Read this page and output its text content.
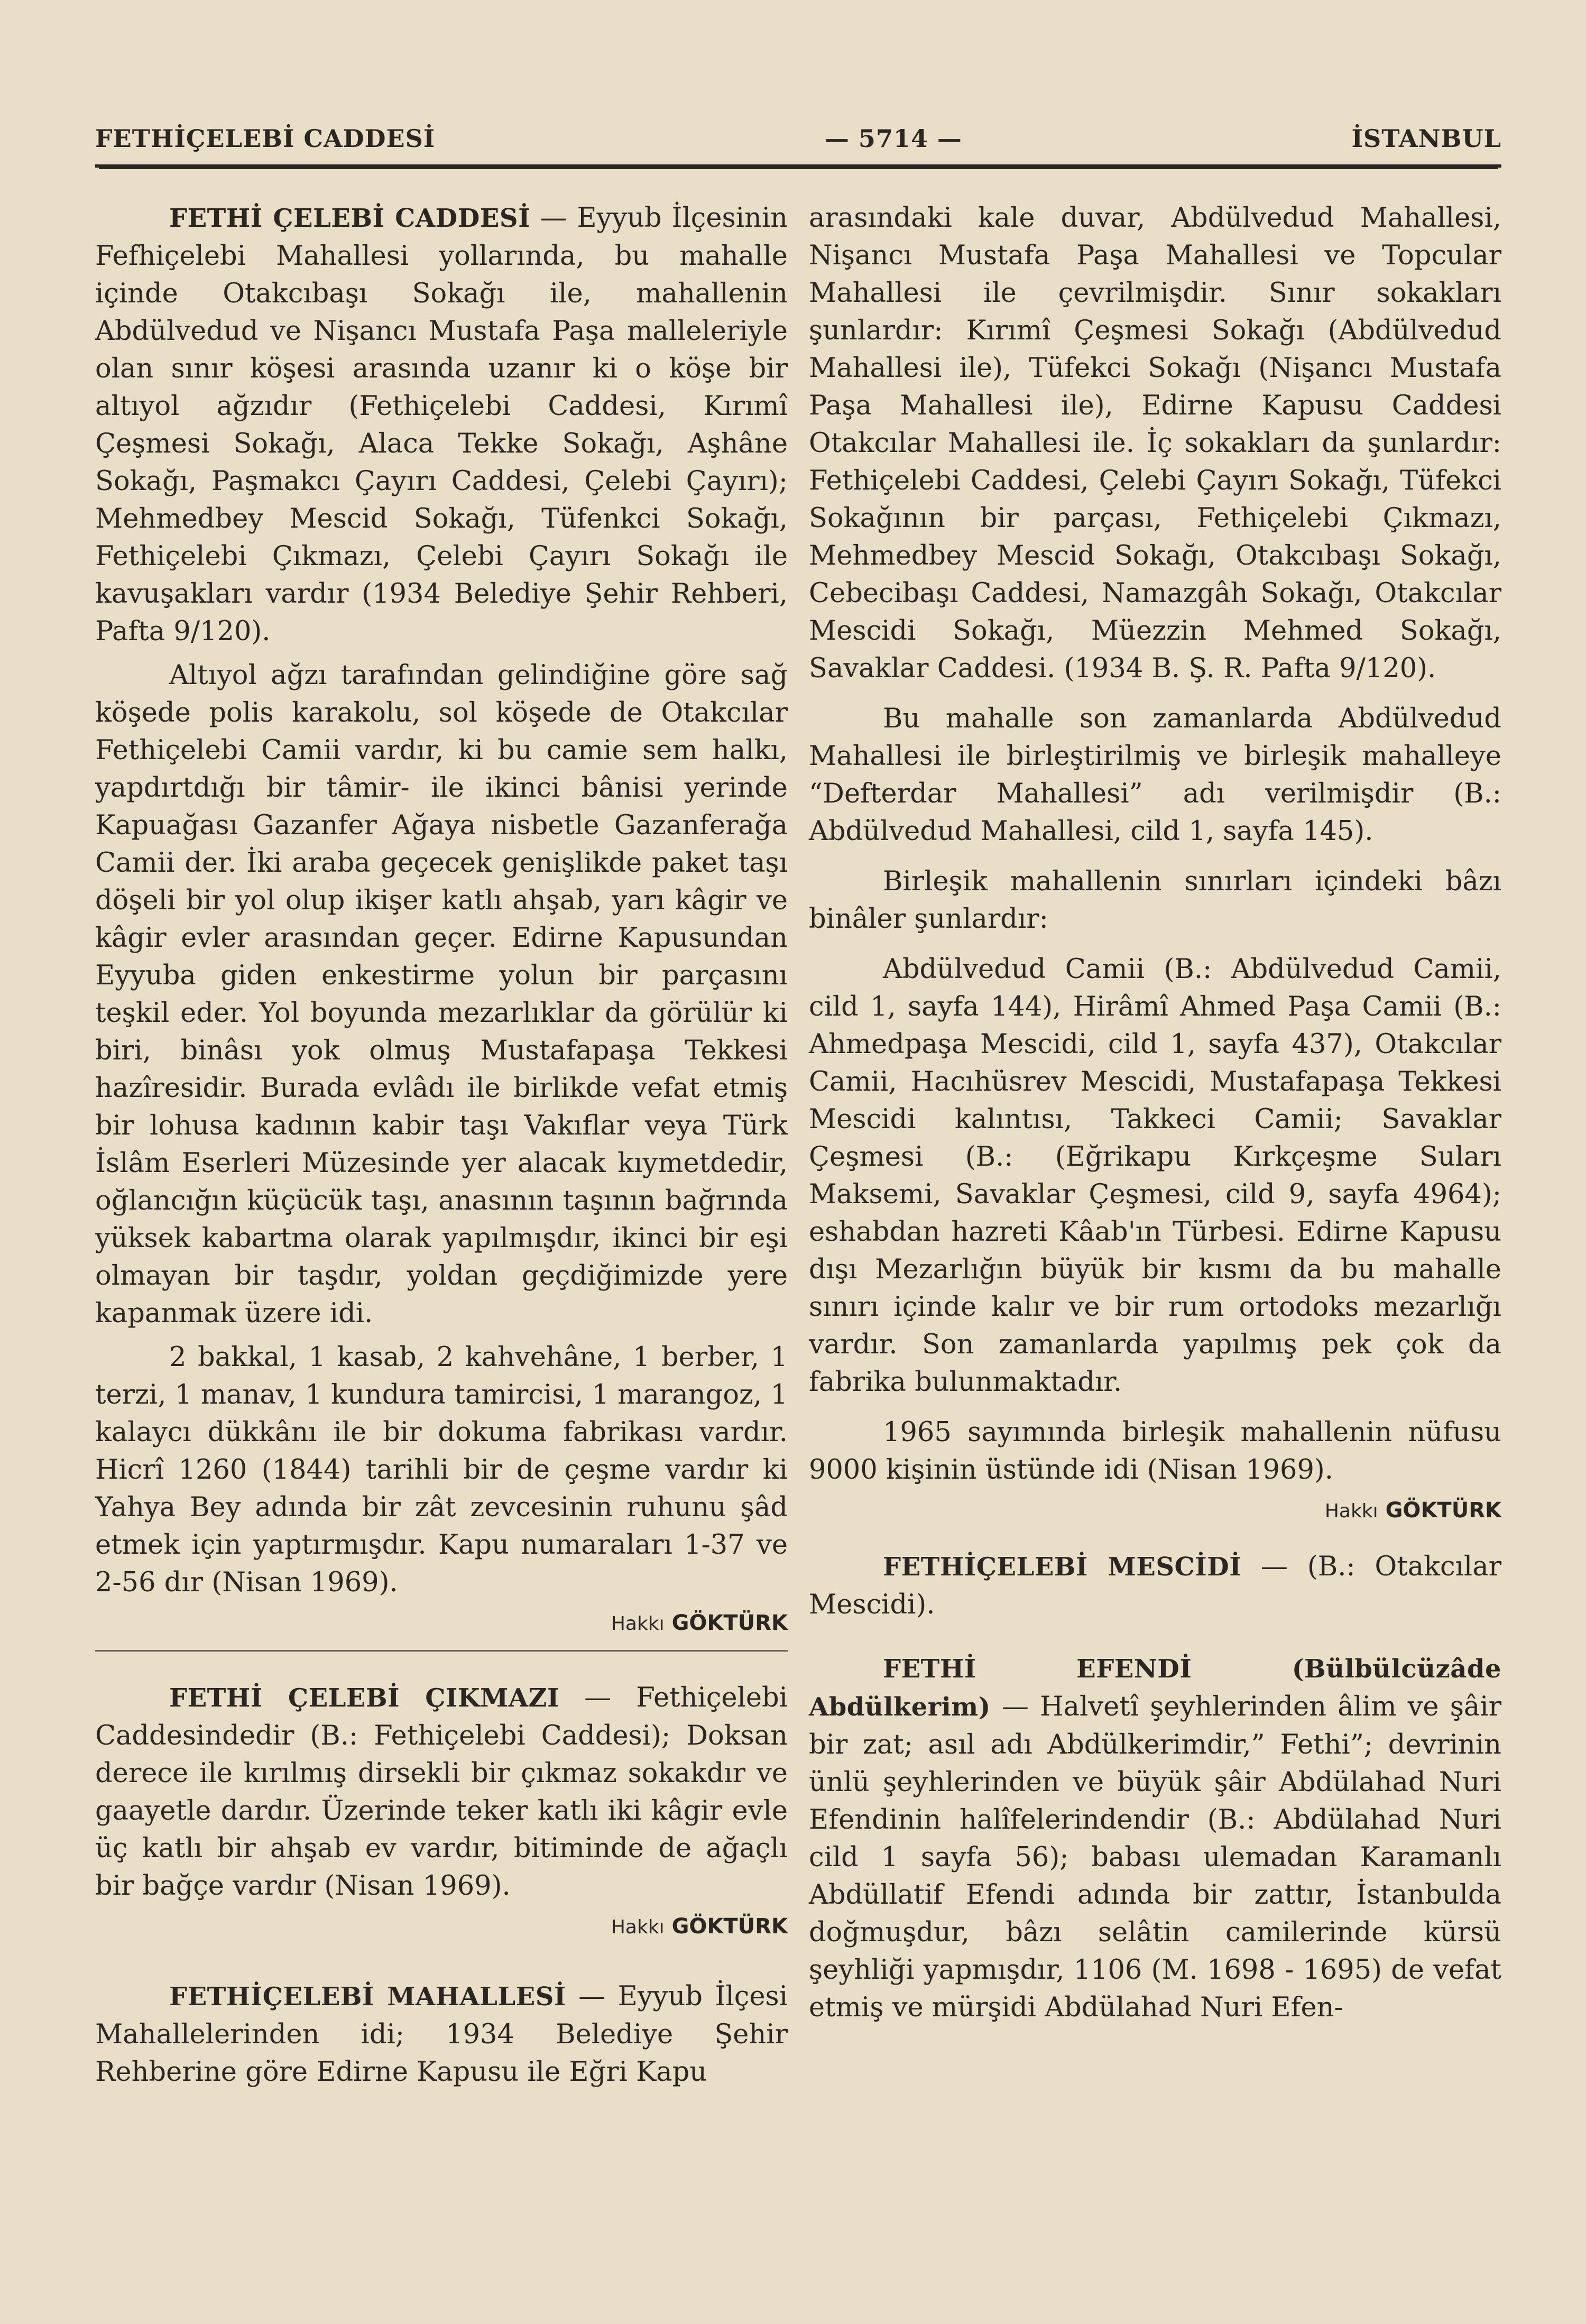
FETHİÇELEBİ CADDESİ	— 5714 —	İSTANBUL

FETHİ ÇELEBİ CADDESİ — Eyyub İlçesinin Fefhiçelebi Mahallesi yollarında, bu mahalle içinde Otakcıbaşı Sokağı ile, mahallenin Abdülvedud ve Nişancı Mustafa Paşa malleleriyle olan sınır köşesi arasında uzanır ki o köşe bir altıyol ağzıdır (Fethiçelebi Caddesi, Kırımî Çeşmesi Sokağı, Alaca Tekke Sokağı, Aşhâne Sokağı, Paşmakcı Çayırı Caddesi, Çelebi Çayırı); Mehmedbey Mescid Sokağı, Tüfenkci Sokağı, Fethiçelebi Çıkmazı, Çelebi Çayırı Sokağı ile kavuşakları vardır (1934 Belediye Şehir Rehberi, Pafta 9/120).

Altıyol ağzı tarafından gelindiğine göre sağ köşede polis karakolu, sol köşede de Otakcılar Fethiçelebi Camii vardır, ki bu camie sem halkı, yapdırtdığı bir tâmir- ile ikinci bânisi yerinde Kapuağası Gazanfer Ağaya nisbetle Gazanferağa Camii der. İki araba geçecek genişlikde paket taşı döşeli bir yol olup ikişer katlı ahşab, yarı kâgir ve kâgir evler arasından geçer. Edirne Kapusundan Eyyuba giden enkestirme yolun bir parçasını teşkil eder. Yol boyunda mezarlıklar da görülür ki biri, binâsı yok olmuş Mustafapaşa Tekkesi hazîresidir. Burada evlâdı ile birlikde vefat etmiş bir lohusa kadının kabir taşı Vakıflar veya Türk İslâm Eserleri Müzesinde yer alacak kıymetdedir, oğlancığın küçücük taşı, anasının taşının bağrında yüksek kabartma olarak yapılmışdır, ikinci bir eşi olmayan bir taşdır, yoldan geçdiğimizde yere kapanmak üzere idi.

2 bakkal, 1 kasab, 2 kahvehâne, 1 berber, 1 terzi, 1 manav, 1 kundura tamircisi, 1 marangoz, 1 kalaycı dükkânı ile bir dokuma fabrikası vardır. Hicrî 1260 (1844) tarihli bir de çeşme vardır ki Yahya Bey adında bir zât zevcesinin ruhunu şâd etmek için yaptırmışdır. Kapu numaraları 1-37 ve 2-56 dır (Nisan 1969).

Hakkı GÖKTÜRK

FETHİ ÇELEBİ ÇIKMAZI — Fethiçelebi Caddesindedir (B.: Fethiçelebi Caddesi); Doksan derece ile kırılmış dirsekli bir çıkmaz sokakdır ve gaayetle dardır. Üzerinde teker katlı iki kâgir evle üç katlı bir ahşab ev vardır, bitiminde de ağaçlı bir bağçe vardır (Nisan 1969).

Hakkı GÖKTÜRK

FETHİÇELEBİ MAHALLESİ — Eyyub İlçesi Mahallelerinden idi; 1934 Belediye Şehir Rehberine göre Edirne Kapusu ile Eğri Kapu

arasındaki kale duvar, Abdülvedud Mahallesi, Nişancı Mustafa Paşa Mahallesi ve Topcular Mahallesi ile çevrilmişdir. Sınır sokakları şunlardır: Kırımî Çeşmesi Sokağı (Abdülvedud Mahallesi ile), Tüfekci Sokağı (Nişancı Mustafa Paşa Mahallesi ile), Edirne Kapusu Caddesi Otakcılar Mahallesi ile. İç sokakları da şunlardır: Fethiçelebi Caddesi, Çelebi Çayırı Sokağı, Tüfekci Sokağının bir parçası, Fethiçelebi Çıkmazı, Mehmedbey Mescid Sokağı, Otakcıbaşı Sokağı, Cebecibaşı Caddesi, Namazgâh Sokağı, Otakcılar Mescidi Sokağı, Müezzin Mehmed Sokağı, Savaklar Caddesi. (1934 B. Ş. R. Pafta 9/120).

Bu mahalle son zamanlarda Abdülvedud Mahallesi ile birleştirilmiş ve birleşik mahalleye “Defterdar Mahallesi” adı verilmişdir (B.: Abdülvedud Mahallesi, cild 1, sayfa 145).

Birleşik mahallenin sınırları içindeki bâzı binâler şunlardır:

Abdülvedud Camii (B.: Abdülvedud Camii, cild 1, sayfa 144), Hirâmî Ahmed Paşa Camii (B.: Ahmedpaşa Mescidi, cild 1, sayfa 437), Otakcılar Camii, Hacıhüsrev Mescidi, Mustafapaşa Tekkesi Mescidi kalıntısı, Takkeci Camii; Savaklar Çeşmesi (B.: (Eğrikapu Kırkçeşme Suları Maksemi, Savaklar Çeşmesi, cild 9, sayfa 4964); eshabdan hazreti Kâab'ın Türbesi. Edirne Kapusu dışı Mezarlığın büyük bir kısmı da bu mahalle sınırı içinde kalır ve bir rum ortodoks mezarlığı vardır. Son zamanlarda yapılmış pek çok da fabrika bulunmaktadır.

1965 sayımında birleşik mahallenin nüfusu 9000 kişinin üstünde idi (Nisan 1969).

Hakkı GÖKTÜRK

FETHİÇELEBİ MESCİDİ — (B.: Otakcılar Mescidi).

FETHİ EFENDİ (Bülbülcüzâde Abdülkerim) — Halvetî şeyhlerinden âlim ve şâir bir zat; asıl adı Abdülkerimdir,” Fethi”; devrinin ünlü şeyhlerinden ve büyük şâir Abdülahad Nuri Efendinin halîfelerindendir (B.: Abdülahad Nuri cild 1 sayfa 56); babası ulemadan Karamanlı Abdüllatif Efendi adında bir zattır, İstanbulda doğmuşdur, bâzı selâtin camilerinde kürsü şeyhliği yapmışdır, 1106 (M. 1698 - 1695) de vefat etmiş ve mürşidi Abdülahad Nuri Efen-
